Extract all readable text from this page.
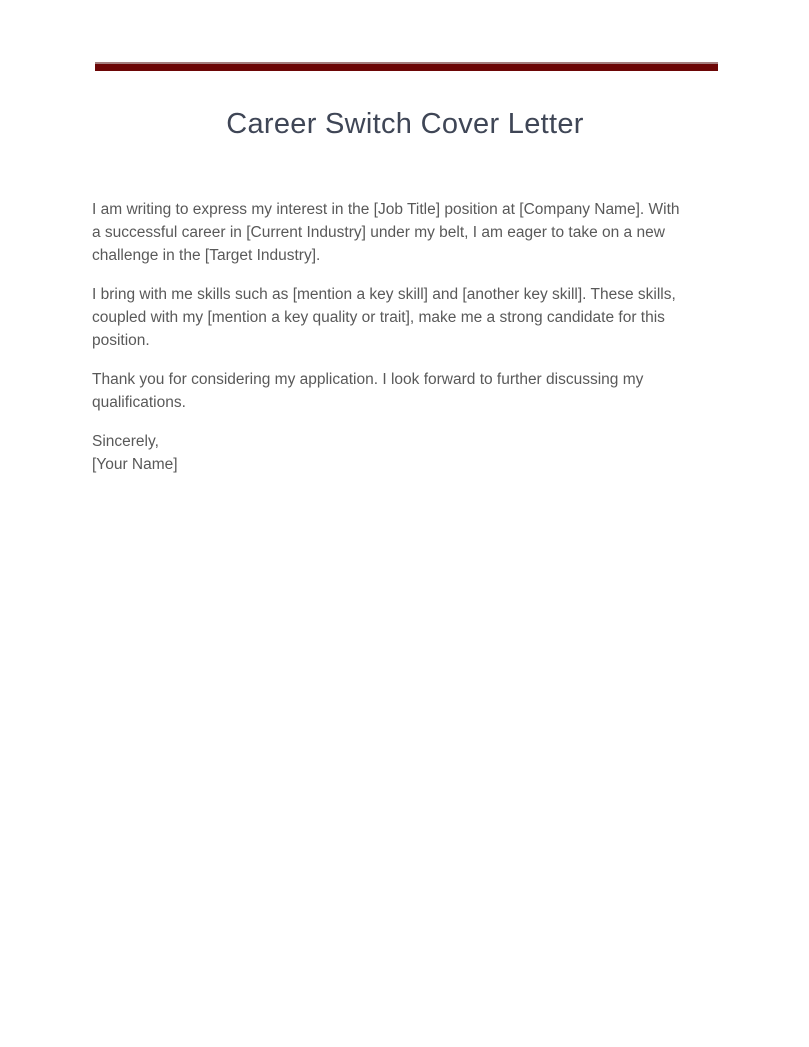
Career Switch Cover Letter

I am writing to express my interest in the [Job Title] position at [Company Name]. With a successful career in [Current Industry] under my belt, I am eager to take on a new challenge in the [Target Industry].

I bring with me skills such as [mention a key skill] and [another key skill]. These skills, coupled with my [mention a key quality or trait], make me a strong candidate for this position.

Thank you for considering my application. I look forward to further discussing my qualifications.

Sincerely,
[Your Name]
